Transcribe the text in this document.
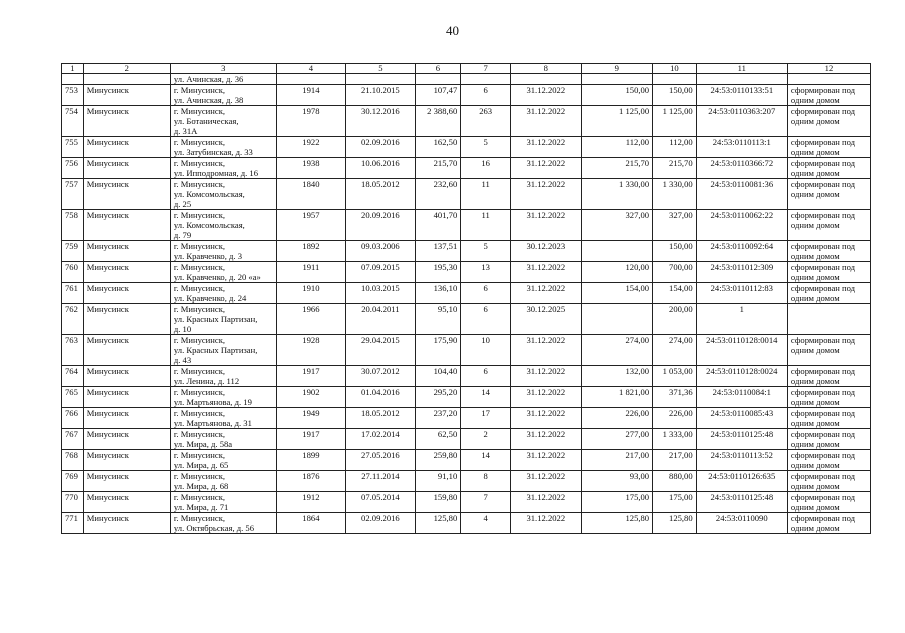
40
1	2	3	4	5	6	7	8	9	10	11	12
		ул. Ачинская, д. 36									
753	Минусинск	г. Минусинск,
ул. Ачинская, д. 38	1914	21.10.2015	107,47	6	31.12.2022	150,00	150,00	24:53:0110133:51	сформирован под одним домом
754	Минусинск	г. Минусинск,
ул. Ботаническая,
д. 31А	1978	30.12.2016	2 388,60	263	31.12.2022	1 125,00	1 125,00	24:53:0110363:207	сформирован под одним домом
755	Минусинск	г. Минусинск,
ул. Затубинская, д. 33	1922	02.09.2016	162,50	5	31.12.2022	112,00	112,00	24:53:0110113:1	сформирован под одним домом
756	Минусинск	г. Минусинск,
ул. Ипподромная, д. 16	1938	10.06.2016	215,70	16	31.12.2022	215,70	215,70	24:53:0110366:72	сформирован под одним домом
757	Минусинск	г. Минусинск,
ул. Комсомольская,
д. 25	1840	18.05.2012	232,60	11	31.12.2022	1 330,00	1 330,00	24:53:0110081:36	сформирован под одним домом
758	Минусинск	г. Минусинск,
ул. Комсомольская,
д. 79	1957	20.09.2016	401,70	11	31.12.2022	327,00	327,00	24:53:0110062:22	сформирован под одним домом
759	Минусинск	г. Минусинск,
ул. Кравченко, д. 3	1892	09.03.2006	137,51	5	30.12.2023		150,00	24:53:0110092:64	сформирован под одним домом
760	Минусинск	г. Минусинск,
ул. Кравченко, д. 20 «а»	1911	07.09.2015	195,30	13	31.12.2022	120,00	700,00	24:53:011012:309	сформирован под одним домом
761	Минусинск	г. Минусинск,
ул. Кравченко, д. 24	1910	10.03.2015	136,10	6	31.12.2022	154,00	154,00	24:53:0110112:83	сформирован под одним домом
762	Минусинск	г. Минусинск,
ул. Красных Партизан,
д. 10	1966	20.04.2011	95,10	6	30.12.2025		200,00	1	
763	Минусинск	г. Минусинск,
ул. Красных Партизан,
д. 43	1928	29.04.2015	175,90	10	31.12.2022	274,00	274,00	24:53:0110128:0014	сформирован под одним домом
764	Минусинск	г. Минусинск,
ул. Ленина, д. 112	1917	30.07.2012	104,40	6	31.12.2022	132,00	1 053,00	24:53:0110128:0024	сформирован под одним домом
765	Минусинск	г. Минусинск,
ул. Мартьянова, д. 19	1902	01.04.2016	295,20	14	31.12.2022	1 821,00	371,36	24:53:0110084:1	сформирован под одним домом
766	Минусинск	г. Минусинск,
ул. Мартьянова, д. 31	1949	18.05.2012	237,20	17	31.12.2022	226,00	226,00	24:53:0110085:43	сформирован под одним домом
767	Минусинск	г. Минусинск,
ул. Мира, д. 58а	1917	17.02.2014	62,50	2	31.12.2022	277,00	1 333,00	24:53:0110125:48	сформирован под одним домом
768	Минусинск	г. Минусинск,
ул. Мира, д. 65	1899	27.05.2016	259,80	14	31.12.2022	217,00	217,00	24:53:0110113:52	сформирован под одним домом
769	Минусинск	г. Минусинск,
ул. Мира, д. 68	1876	27.11.2014	91,10	8	31.12.2022	93,00	880,00	24:53:0110126:635	сформирован под одним домом
770	Минусинск	г. Минусинск,
ул. Мира, д. 71	1912	07.05.2014	159,80	7	31.12.2022	175,00	175,00	24:53:0110125:48	сформирован под одним домом
771	Минусинск	г. Минусинск,
ул. Октябрьская, д. 56	1864	02.09.2016	125,80	4	31.12.2022	125,80	125,80	24:53:0110090	сформирован под одним домом
